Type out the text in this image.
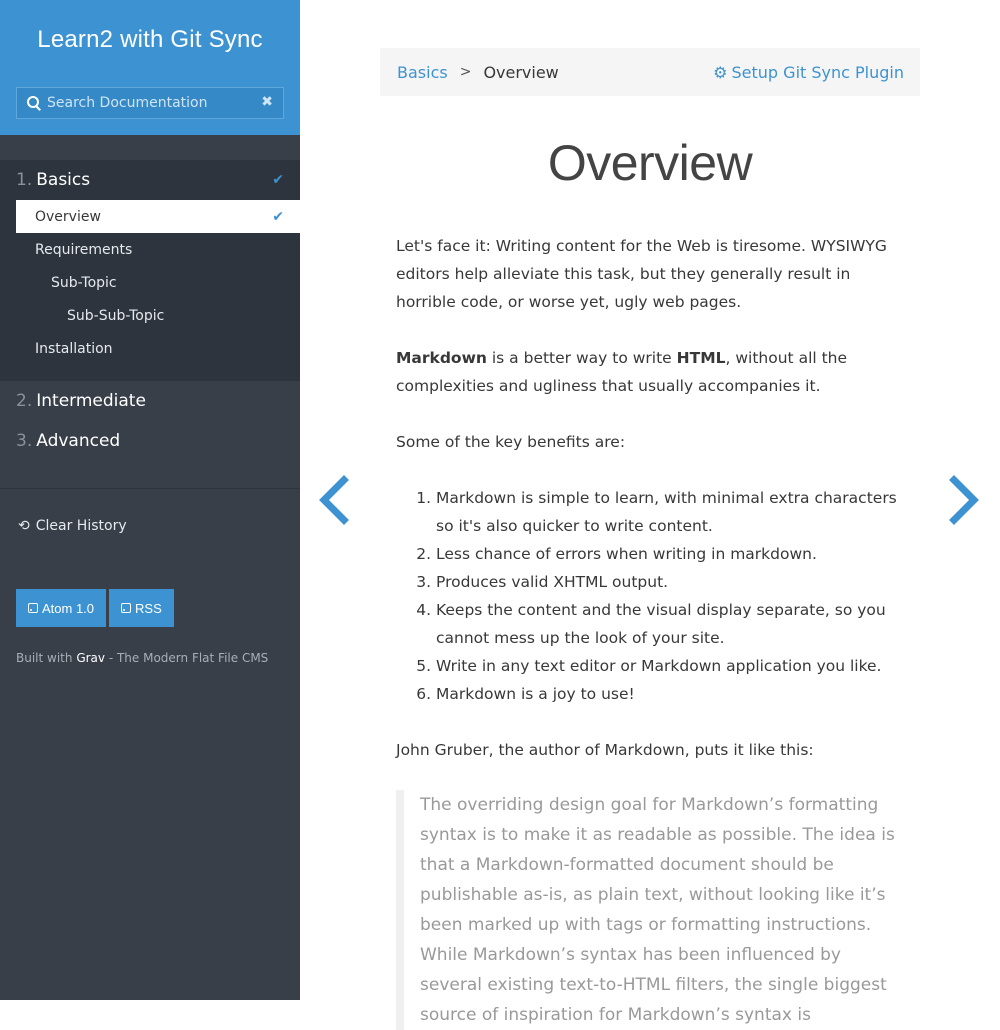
Learn2 with Git Sync
Search Documentation
✖
1. Basics	✔
Overview	✔
Requirements
Sub-Topic
Sub-Sub-Topic
Installation
2. Intermediate
3. Advanced
⟲ Clear History
Atom 1.0	RSS
Built with Grav - The Modern Flat File CMS
Basics > Overview	⚙ Setup Git Sync Plugin
Overview

Let's face it: Writing content for the Web is tiresome. WYSIWYG editors help alleviate this task, but they generally result in horrible code, or worse yet, ugly web pages.

Markdown is a better way to write HTML, without all the complexities and ugliness that usually accompanies it.

Some of the key benefits are:

1. Markdown is simple to learn, with minimal extra characters so it's also quicker to write content.
2. Less chance of errors when writing in markdown.
3. Produces valid XHTML output.
4. Keeps the content and the visual display separate, so you cannot mess up the look of your site.
5. Write in any text editor or Markdown application you like.
6. Markdown is a joy to use!

John Gruber, the author of Markdown, puts it like this:

The overriding design goal for Markdown’s formatting syntax is to make it as readable as possible. The idea is that a Markdown-formatted document should be publishable as-is, as plain text, without looking like it’s been marked up with tags or formatting instructions. While Markdown’s syntax has been influenced by several existing text-to-HTML filters, the single biggest source of inspiration for Markdown’s syntax is
